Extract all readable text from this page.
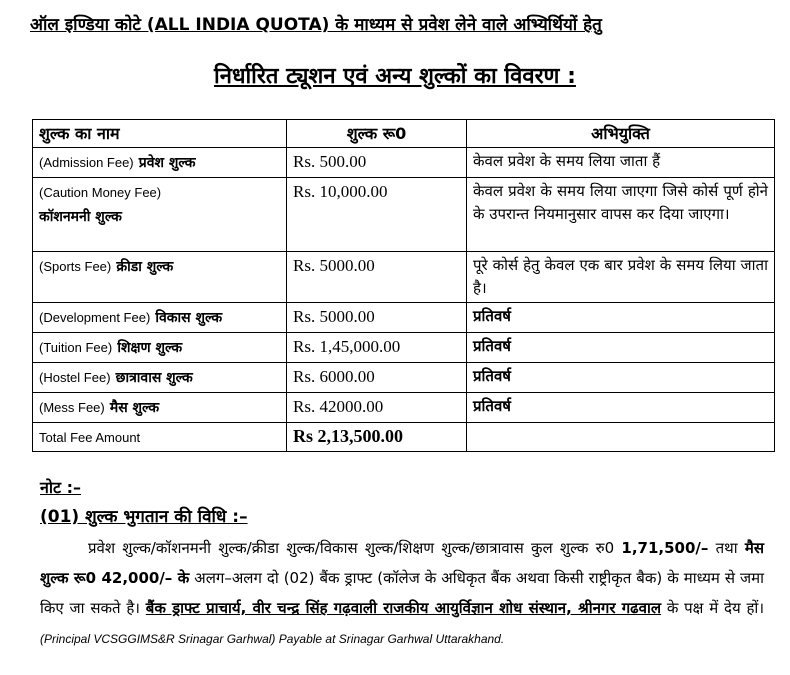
ऑल इण्डिया कोटे (ALL INDIA QUOTA) के माध्यम से प्रवेश लेने वाले अभ्यिर्थियों हेतु
निर्धारित ट्यूशन एवं अन्य शुल्कों का विवरण :
शुल्क का नाम	शुल्क रू0	अभियुक्ति
(Admission Fee) प्रवेश शुल्क	Rs. 500.00	केवल प्रवेश के समय लिया जाता हैं
(Caution Money Fee)
कॉशनमनी शुल्क	Rs. 10,000.00	केवल प्रवेश के समय लिया जाएगा जिसे कोर्स पूर्ण होने के उपरान्त नियमानुसार वापस कर दिया जाएगा।
(Sports Fee) क्रीडा शुल्क	Rs. 5000.00	पूरे कोर्स हेतु केवल एक बार प्रवेश के समय लिया जाता है।
(Development Fee) विकास शुल्क	Rs. 5000.00	प्रतिवर्ष
(Tuition Fee) शिक्षण शुल्क	Rs. 1,45,000.00	प्रतिवर्ष
(Hostel Fee) छात्रावास शुल्क	Rs. 6000.00	प्रतिवर्ष
(Mess Fee) मैस शुल्क	Rs. 42000.00	प्रतिवर्ष
Total Fee Amount	Rs 2,13,500.00	
नोट :–
(01) शुल्क भुगतान की विधि :–
प्रवेश शुल्क/कॉशनमनी शुल्क/क्रीडा शुल्क/विकास शुल्क/शिक्षण शुल्क/छात्रावास कुल शुल्क रु0 1,71,500/– तथा मैस शुल्क रू0 42,000/– के अलग–अलग दो (02) बैंक ड्राफ्ट (कॉलेज के अधिकृत बैंक अथवा किसी राष्ट्रीकृत बैक) के माध्यम से जमा किए जा सकते है। बैंक ड्राफ्ट प्राचार्य, वीर चन्द्र सिंह गढ़वाली राजकीय आयुर्विज्ञान शोध संस्थान, श्रीनगर गढवाल के पक्ष में देय हों। (Principal VCSGGIMS&R Srinagar Garhwal) Payable at Srinagar Garhwal Uttarakhand.
